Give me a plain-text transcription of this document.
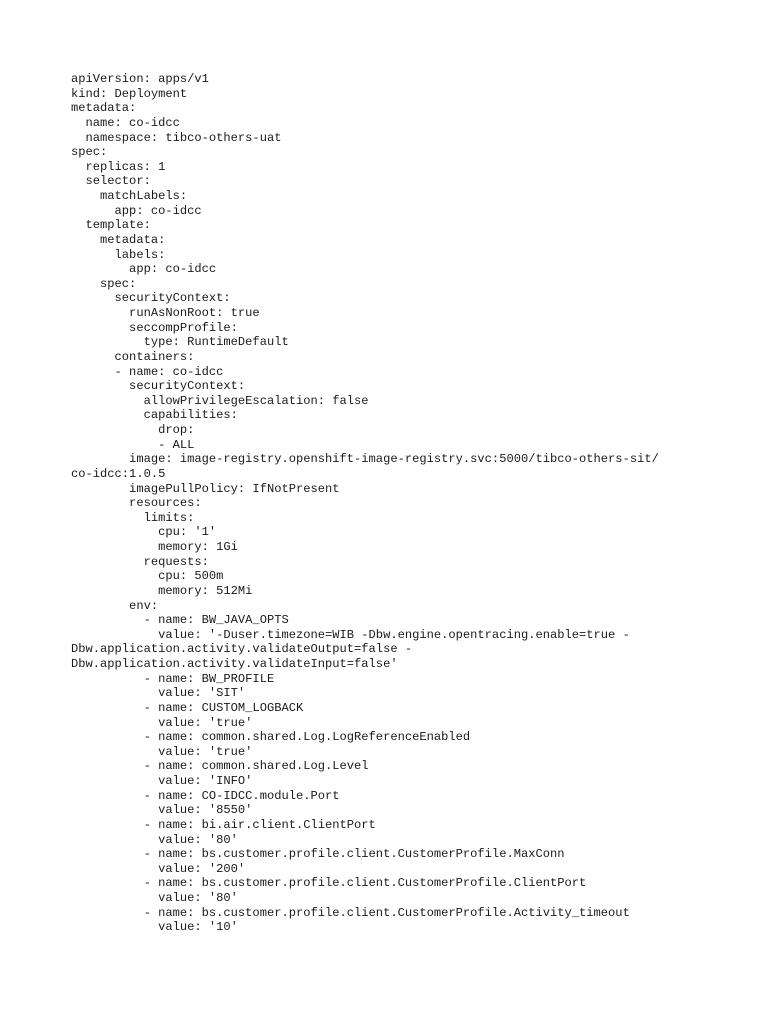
apiVersion: apps/v1
kind: Deployment
metadata:
name: co-idcc
namespace: tibco-others-uat
spec:
replicas: 1
selector:
matchLabels:
app: co-idcc
template:
metadata:
labels:
app: co-idcc
spec:
securityContext:
runAsNonRoot: true
seccompProfile:
type: RuntimeDefault
containers:
- name: co-idcc
securityContext:
allowPrivilegeEscalation: false
capabilities:
drop:
- ALL
image: image-registry.openshift-image-registry.svc:5000/tibco-others-sit/
co-idcc:1.0.5
imagePullPolicy: IfNotPresent
resources:
limits:
cpu: '1'
memory: 1Gi
requests:
cpu: 500m
memory: 512Mi
env:
- name: BW_JAVA_OPTS
value: '-Duser.timezone=WIB -Dbw.engine.opentracing.enable=true -
Dbw.application.activity.validateOutput=false -
Dbw.application.activity.validateInput=false'
- name: BW_PROFILE
value: 'SIT'
- name: CUSTOM_LOGBACK
value: 'true'
- name: common.shared.Log.LogReferenceEnabled
value: 'true'
- name: common.shared.Log.Level
value: 'INFO'
- name: CO-IDCC.module.Port
value: '8550'
- name: bi.air.client.ClientPort
value: '80'
- name: bs.customer.profile.client.CustomerProfile.MaxConn
value: '200'
- name: bs.customer.profile.client.CustomerProfile.ClientPort
value: '80'
- name: bs.customer.profile.client.CustomerProfile.Activity_timeout
value: '10'
